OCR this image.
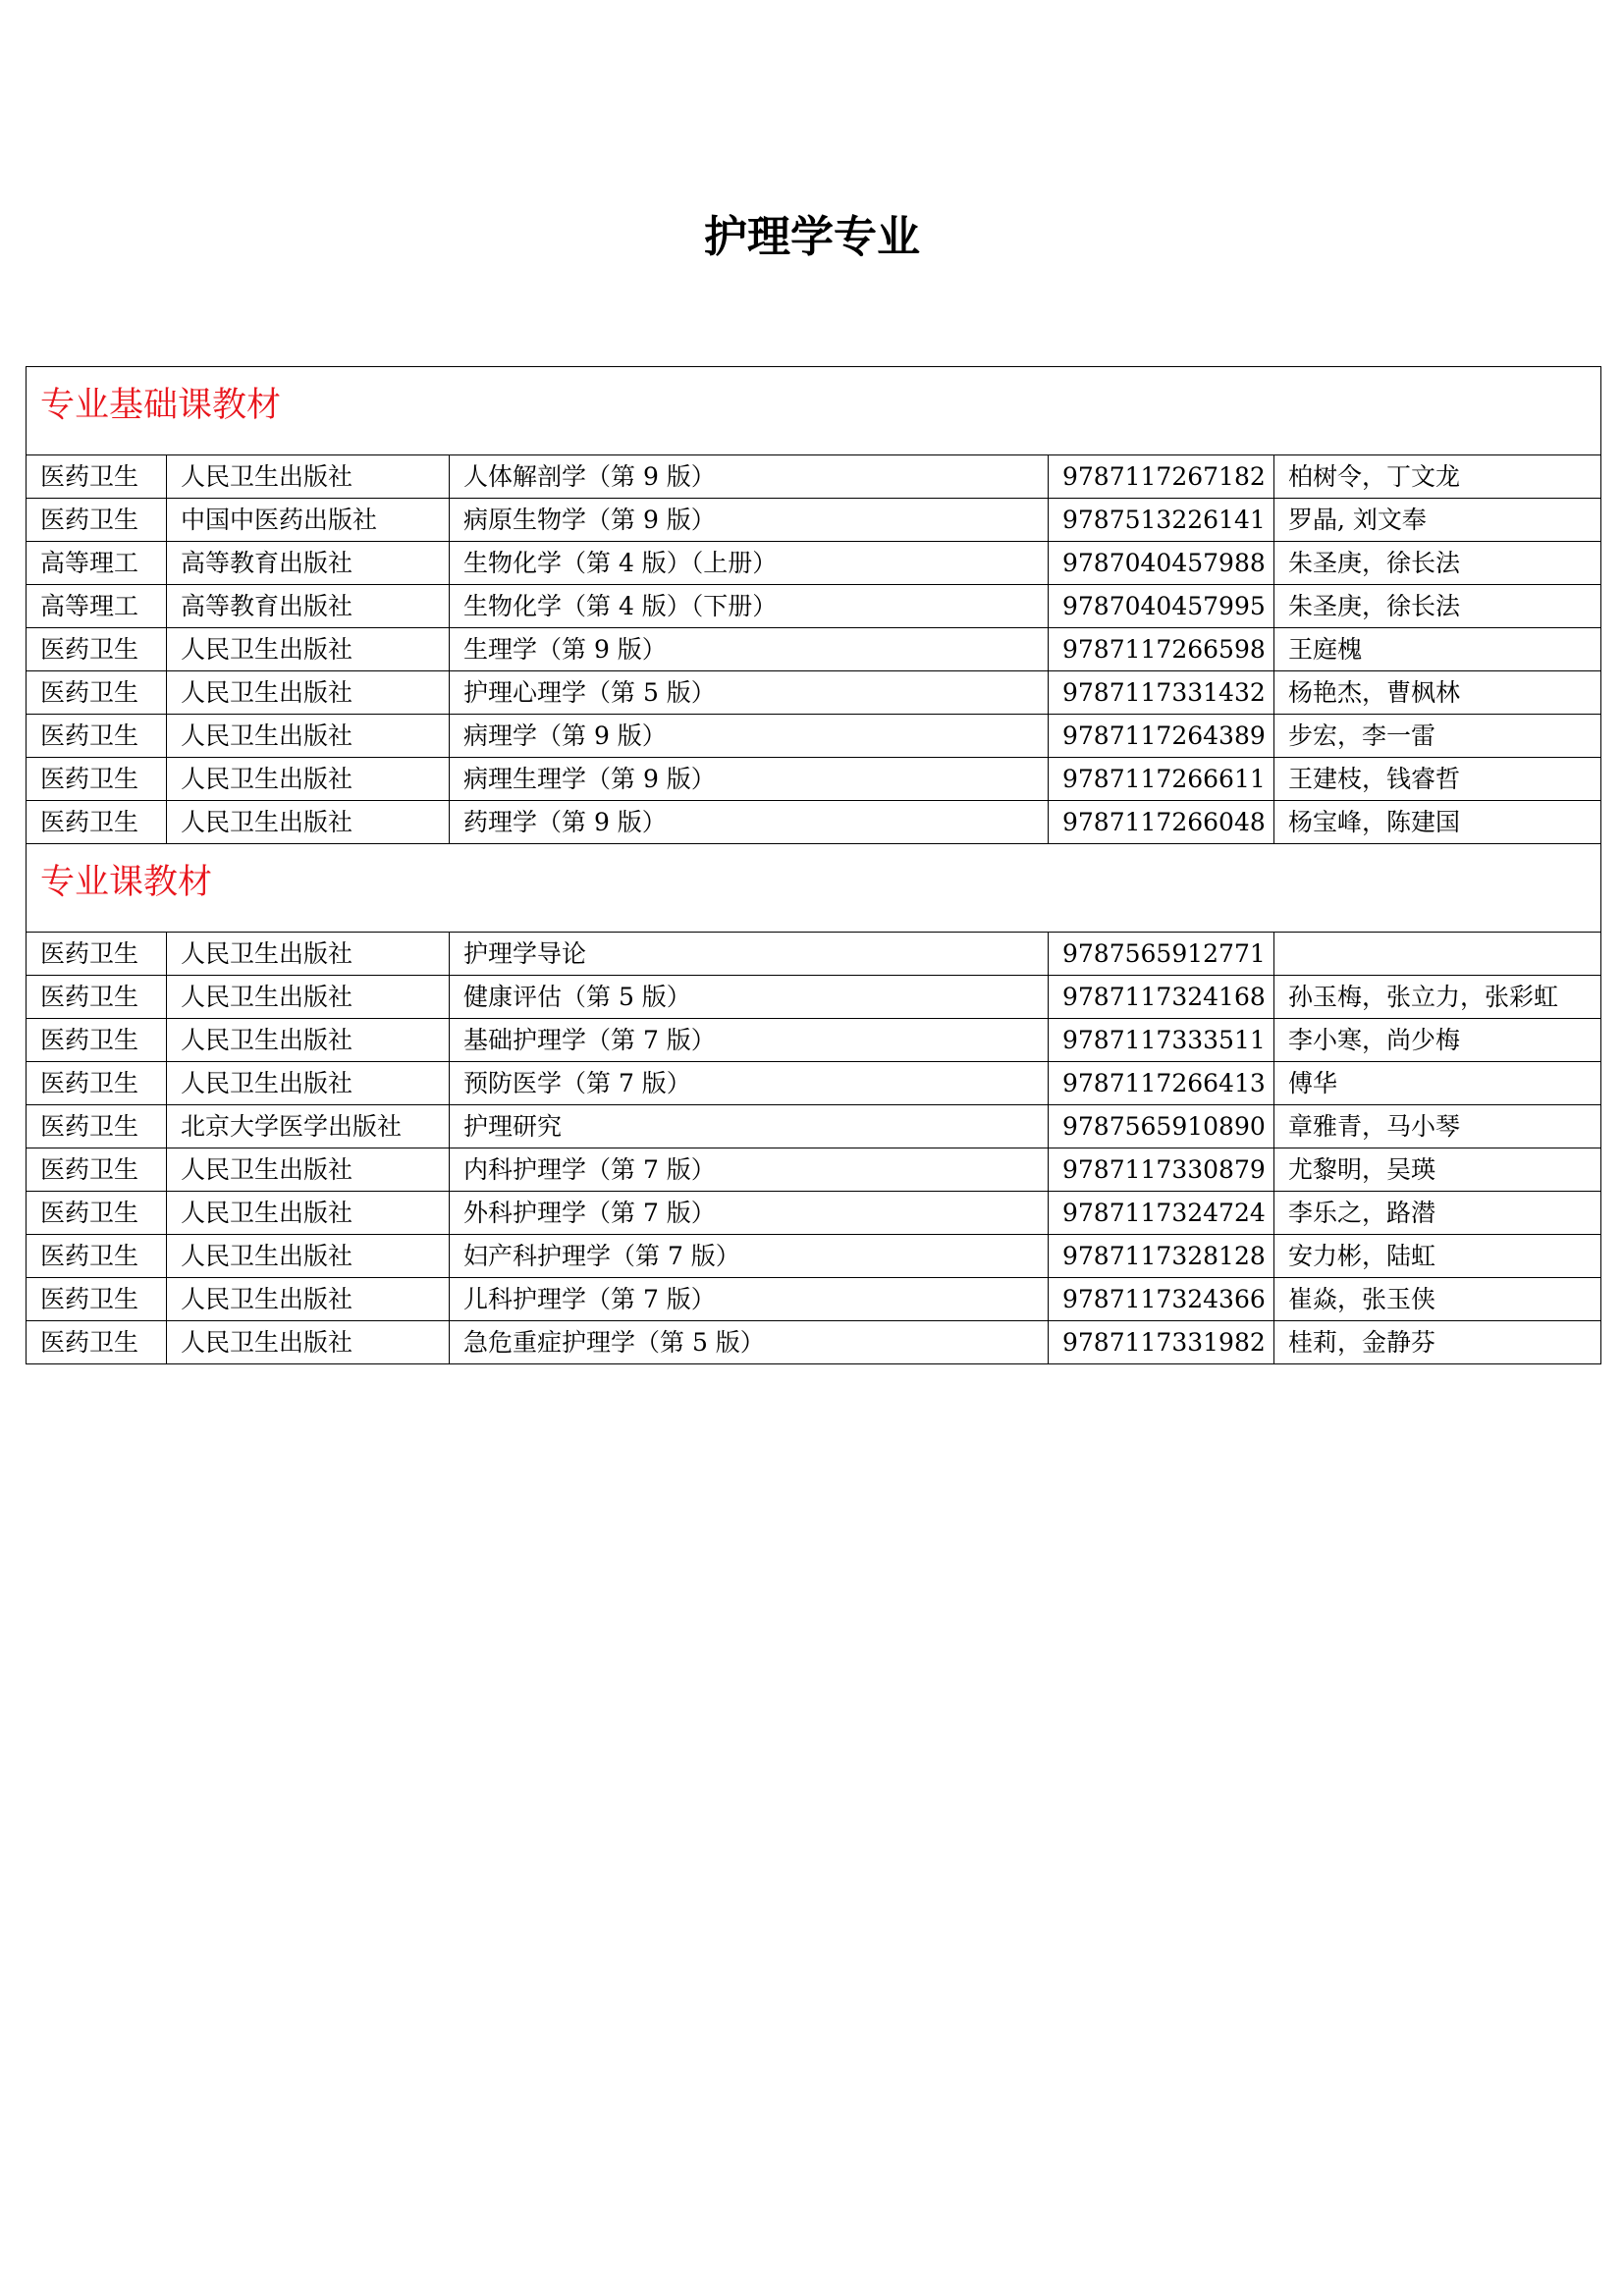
护理学专业
专业基础课教材				
医药卫生	人民卫生出版社	人体解剖学（第 9 版）	9787117267182	柏树令，丁文龙
医药卫生	中国中医药出版社	病原生物学（第 9 版）	9787513226141	罗晶, 刘文奉
高等理工	高等教育出版社	生物化学（第 4 版）（上册）	9787040457988	朱圣庚，徐长法
高等理工	高等教育出版社	生物化学（第 4 版）（下册）	9787040457995	朱圣庚，徐长法
医药卫生	人民卫生出版社	生理学（第 9 版）	9787117266598	王庭槐
医药卫生	人民卫生出版社	护理心理学（第 5 版）	9787117331432	杨艳杰，曹枫林
医药卫生	人民卫生出版社	病理学（第 9 版）	9787117264389	步宏，李一雷
医药卫生	人民卫生出版社	病理生理学（第 9 版）	9787117266611	王建枝，钱睿哲
医药卫生	人民卫生出版社	药理学（第 9 版）	9787117266048	杨宝峰，陈建国
专业课教材				
医药卫生	人民卫生出版社	护理学导论	9787565912771	
医药卫生	人民卫生出版社	健康评估（第 5 版）	9787117324168	孙玉梅，张立力，张彩虹
医药卫生	人民卫生出版社	基础护理学（第 7 版）	9787117333511	李小寒，尚少梅
医药卫生	人民卫生出版社	预防医学（第 7 版）	9787117266413	傅华
医药卫生	北京大学医学出版社	护理研究	9787565910890	章雅青，马小琴
医药卫生	人民卫生出版社	内科护理学（第 7 版）	9787117330879	尤黎明，吴瑛
医药卫生	人民卫生出版社	外科护理学（第 7 版）	9787117324724	李乐之，路潜
医药卫生	人民卫生出版社	妇产科护理学（第 7 版）	9787117328128	安力彬，陆虹
医药卫生	人民卫生出版社	儿科护理学（第 7 版）	9787117324366	崔焱，张玉侠
医药卫生	人民卫生出版社	急危重症护理学（第 5 版）	9787117331982	桂莉，金静芬
